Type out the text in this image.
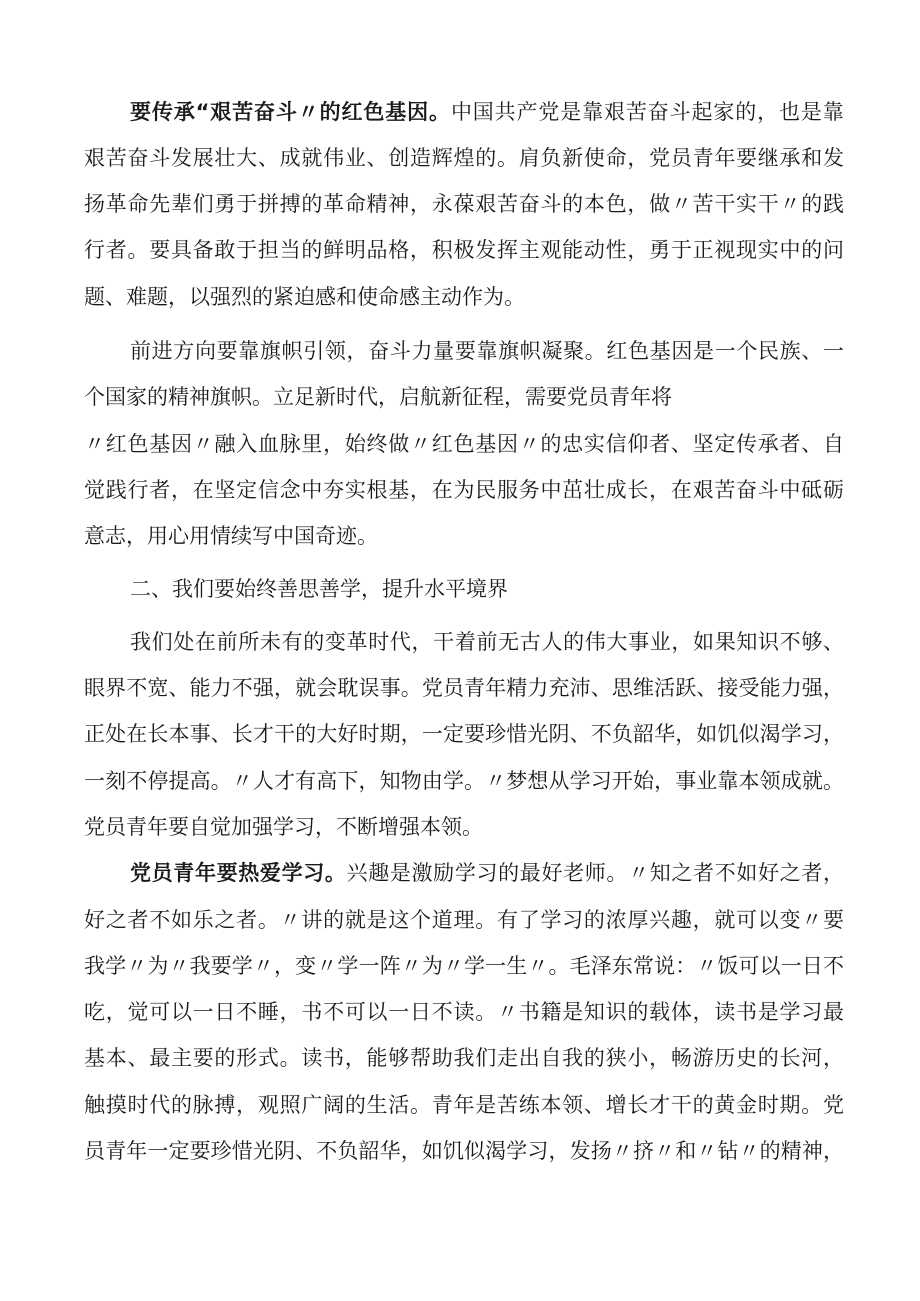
要传承“艰苦奋斗〃的红色基因。中国共产党是靠艰苦奋斗起家的，也是靠
艰苦奋斗发展壮大、成就伟业、创造辉煌的。肩负新使命，党员青年要继承和发
扬革命先辈们勇于拼搏的革命精神，永葆艰苦奋斗的本色，做〃苦干实干〃的践
行者。要具备敢于担当的鲜明品格，积极发挥主观能动性，勇于正视现实中的问
题、难题，以强烈的紧迫感和使命感主动作为。
前进方向要靠旗帜引领，奋斗力量要靠旗帜凝聚。红色基因是一个民族、一
个国家的精神旗帜。立足新时代，启航新征程，需要党员青年将
〃红色基因〃融入血脉里，始终做〃红色基因〃的忠实信仰者、坚定传承者、自
觉践行者，在坚定信念中夯实根基，在为民服务中茁壮成长，在艰苦奋斗中砥砺
意志，用心用情续写中国奇迹。
二、我们要始终善思善学，提升水平境界
我们处在前所未有的变革时代，干着前无古人的伟大事业，如果知识不够、
眼界不宽、能力不强，就会耽误事。党员青年精力充沛、思维活跃、接受能力强，
正处在长本事、长才干的大好时期，一定要珍惜光阴、不负韶华，如饥似渴学习，
一刻不停提高。〃人才有高下，知物由学。〃梦想从学习开始，事业靠本领成就。
党员青年要自觉加强学习，不断增强本领。
党员青年要热爱学习。兴趣是激励学习的最好老师。〃知之者不如好之者，
好之者不如乐之者。〃讲的就是这个道理。有了学习的浓厚兴趣，就可以变〃要
我学〃为〃我要学〃，变〃学一阵〃为〃学一生〃。毛泽东常说：〃饭可以一日不
吃，觉可以一日不睡，书不可以一日不读。〃书籍是知识的载体，读书是学习最
基本、最主要的形式。读书，能够帮助我们走出自我的狭小，畅游历史的长河，
触摸时代的脉搏，观照广阔的生活。青年是苦练本领、增长才干的黄金时期。党
员青年一定要珍惜光阴、不负韶华，如饥似渴学习，发扬〃挤〃和〃钻〃的精神，
